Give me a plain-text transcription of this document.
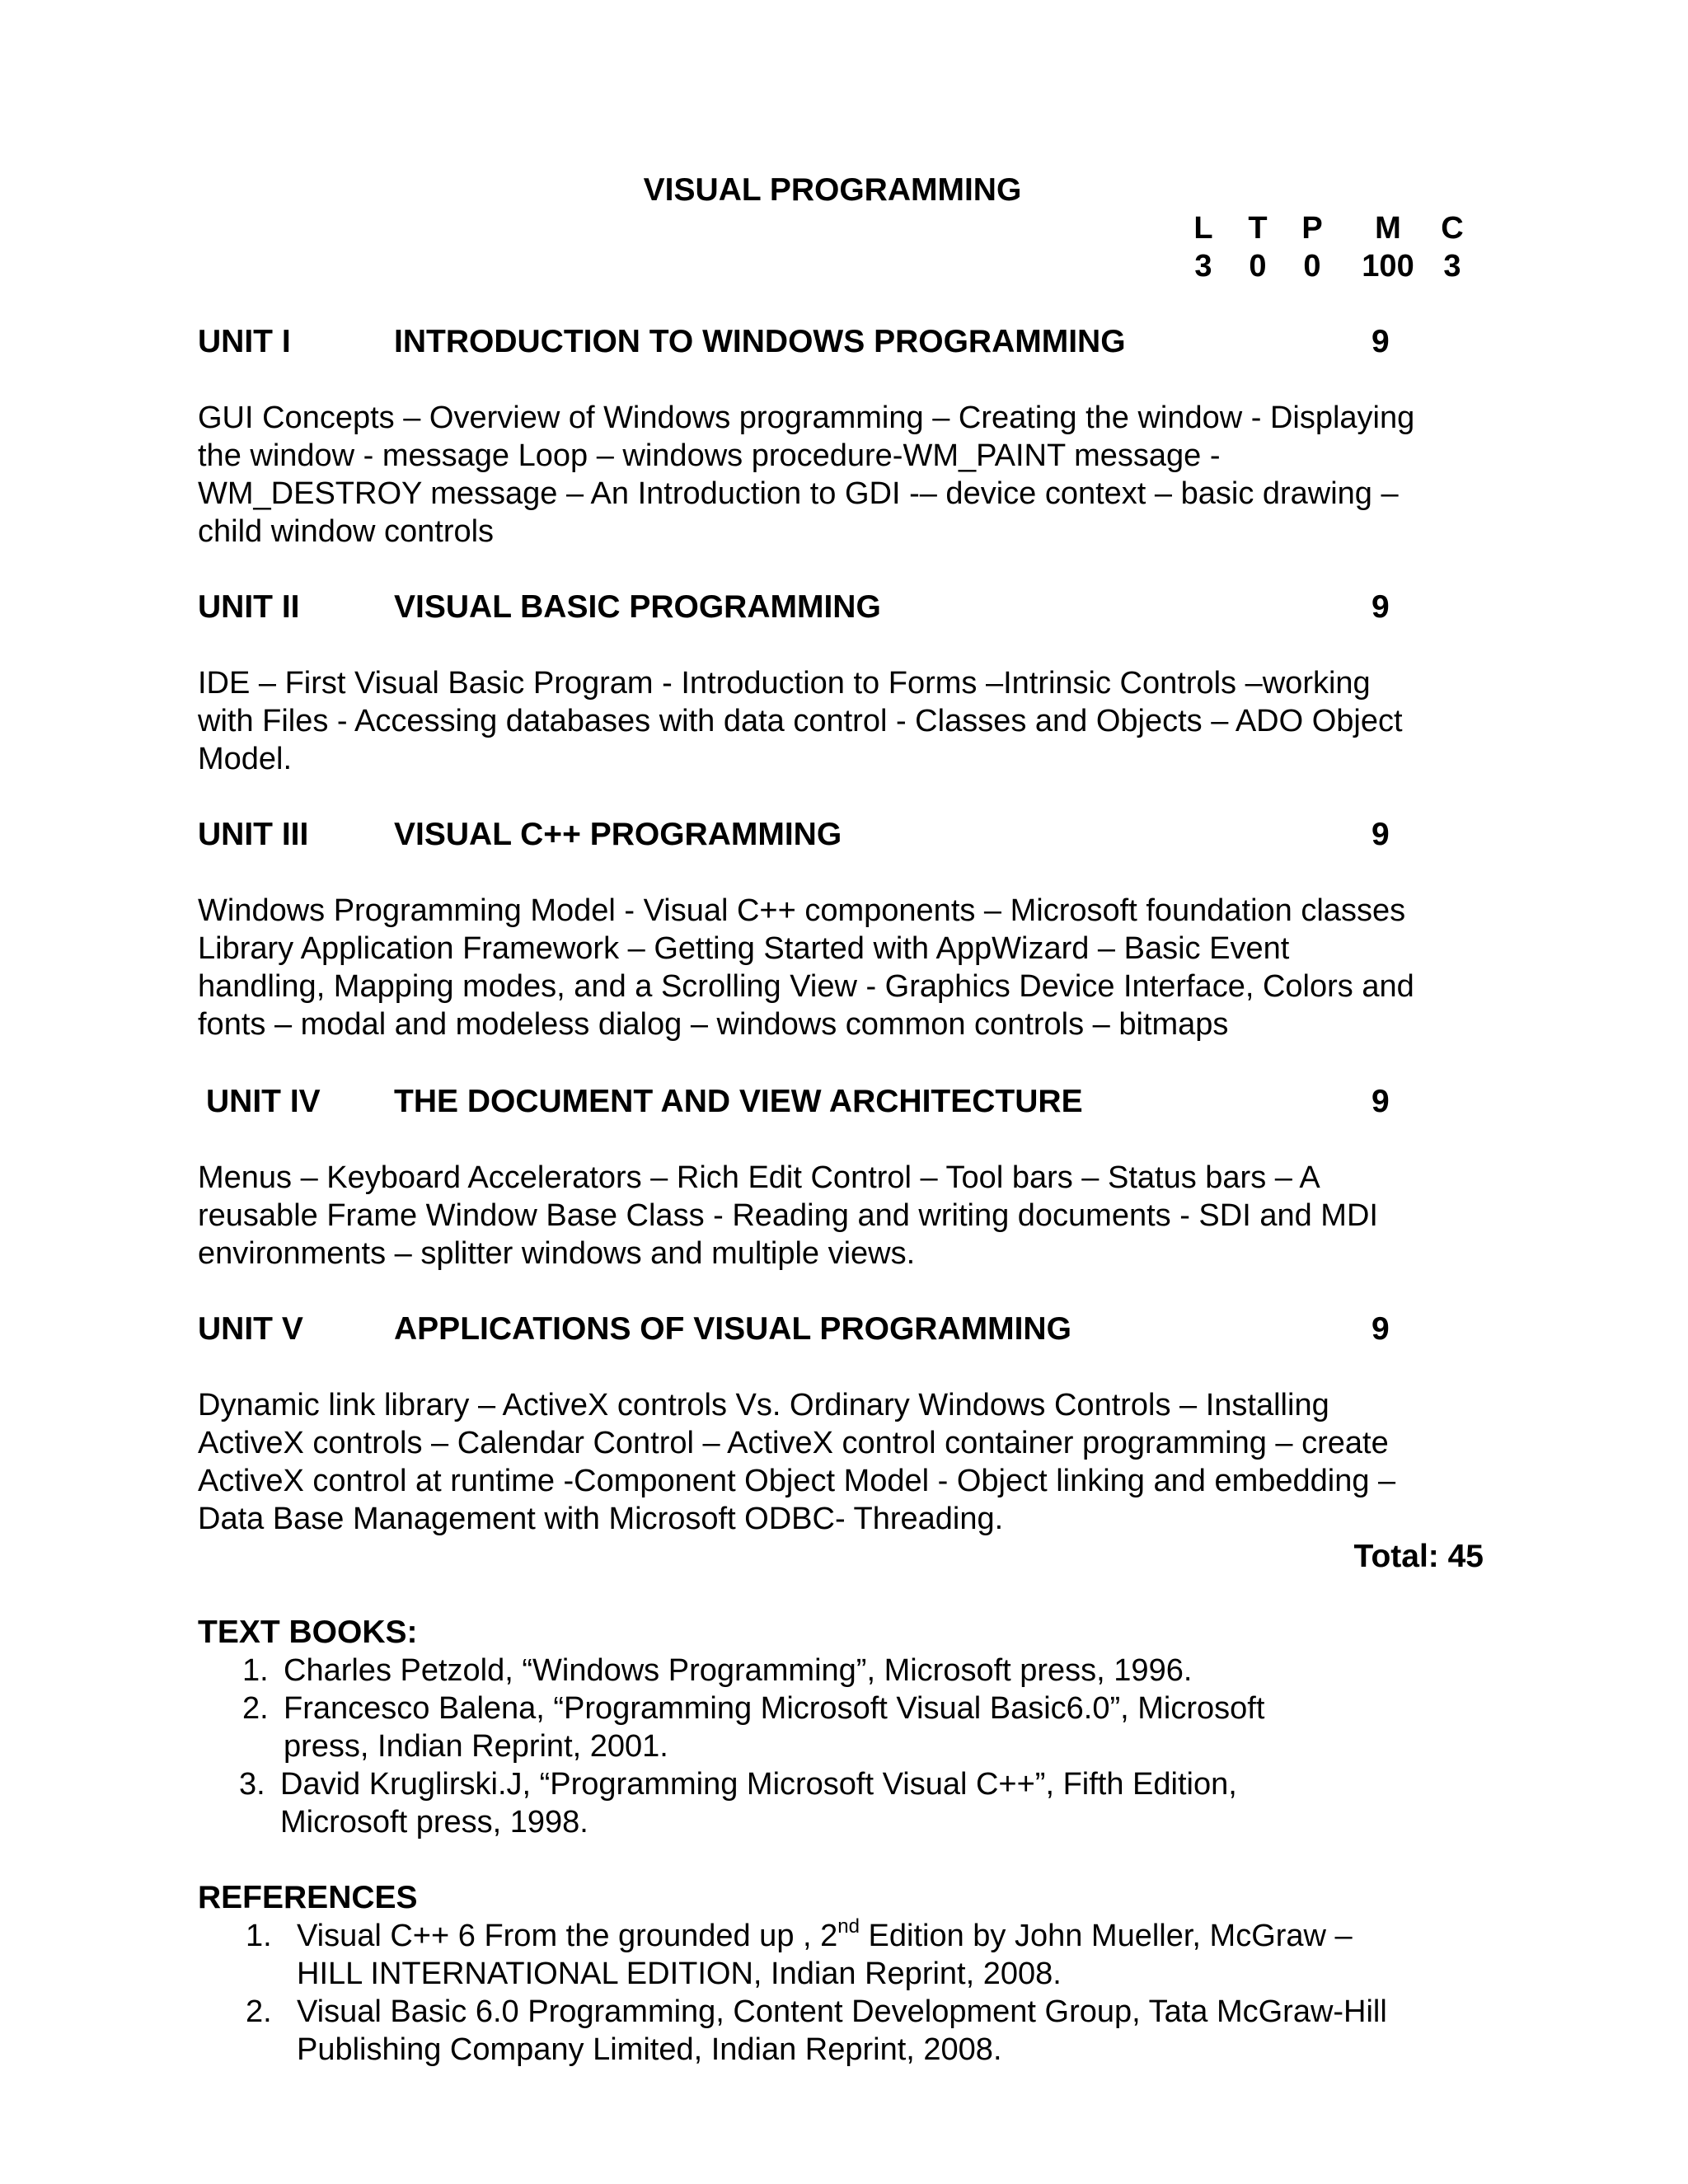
VISUAL PROGRAMMING
L	T	P	M	C
3	0	0	100 3
UNIT I	INTRODUCTION TO WINDOWS PROGRAMMING	9

GUI Concepts – Overview of Windows programming – Creating the window - Displaying

the window - message Loop – windows procedure-WM_PAINT message -

WM_DESTROY message – An Introduction to GDI -– device context – basic drawing –

child window controls

UNIT II	VISUAL BASIC PROGRAMMING	9

IDE – First Visual Basic Program - Introduction to Forms –Intrinsic Controls –working

with Files - Accessing databases with data control - Classes and Objects – ADO Object

Model.

UNIT III	VISUAL C++ PROGRAMMING	9

Windows Programming Model - Visual C++ components – Microsoft foundation classes

Library Application Framework – Getting Started with AppWizard – Basic Event

handling, Mapping modes, and a Scrolling View - Graphics Device Interface, Colors and

fonts – modal and modeless dialog – windows common controls – bitmaps

UNIT IV THE DOCUMENT AND VIEW ARCHITECTURE	9

Menus – Keyboard Accelerators – Rich Edit Control – Tool bars – Status bars – A

reusable Frame Window Base Class - Reading and writing documents - SDI and MDI

environments – splitter windows and multiple views.

UNIT V	APPLICATIONS OF VISUAL PROGRAMMING	9

Dynamic link library – ActiveX controls Vs. Ordinary Windows Controls – Installing

ActiveX controls – Calendar Control – ActiveX control container programming – create

ActiveX control at runtime -Component Object Model - Object linking and embedding –

Data Base Management with Microsoft ODBC- Threading.

Total: 45
TEXT BOOKS:
1. Charles Petzold, “Windows Programming”, Microsoft press, 1996.
2. Francesco Balena, “Programming Microsoft Visual Basic6.0”, Microsoft
press, Indian Reprint, 2001.
3. David Kruglirski.J, “Programming Microsoft Visual C++”, Fifth Edition,
Microsoft press, 1998.
REFERENCES
1. Visual C++ 6 From the grounded up , 2nd Edition by John Mueller, McGraw –
HILL INTERNATIONAL EDITION, Indian Reprint, 2008.
2. Visual Basic 6.0 Programming, Content Development Group, Tata McGraw-Hill
Publishing Company Limited, Indian Reprint, 2008.
